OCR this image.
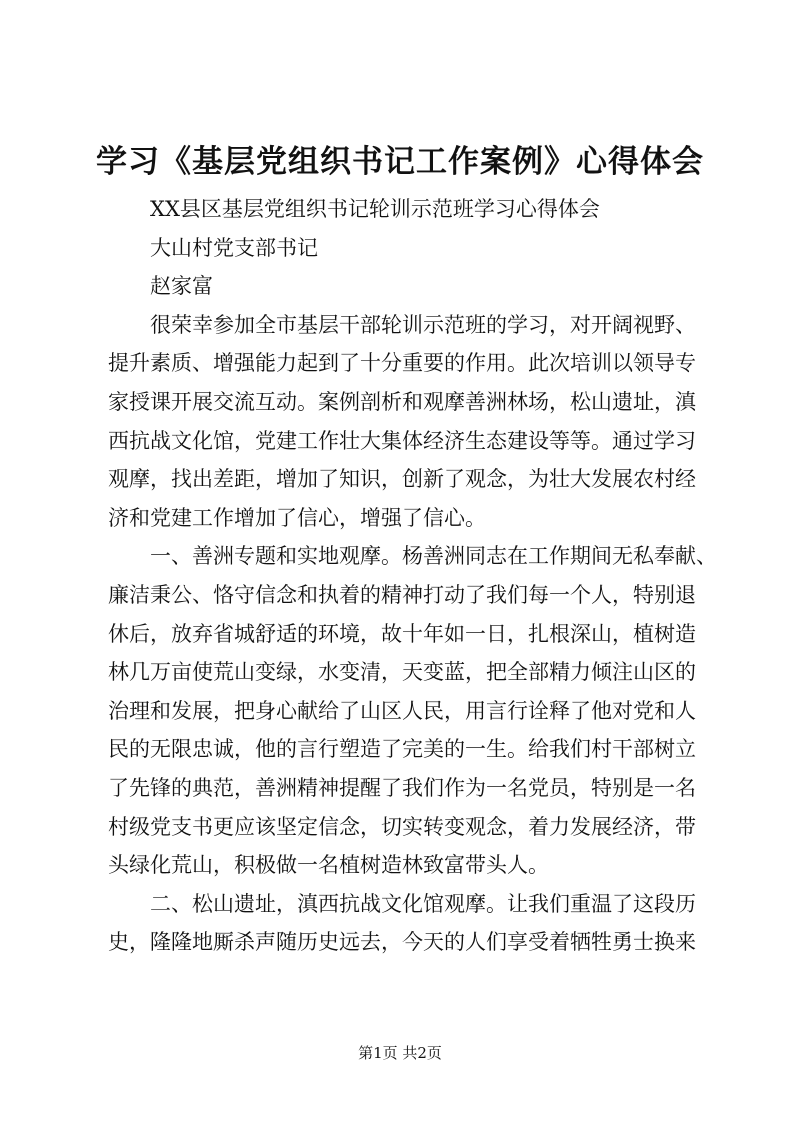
学习《基层党组织书记工作案例》心得体会

XX县区基层党组织书记轮训示范班学习心得体会

大山村党支部书记

赵家富

很荣幸参加全市基层干部轮训示范班的学习，对开阔视野、

提升素质、增强能力起到了十分重要的作用。此次培训以领导专

家授课开展交流互动。案例剖析和观摩善洲林场，松山遗址，滇

西抗战文化馆，党建工作壮大集体经济生态建设等等。通过学习

观摩，找出差距，增加了知识，创新了观念，为壮大发展农村经

济和党建工作增加了信心，增强了信心。

一、善洲专题和实地观摩。杨善洲同志在工作期间无私奉献、

廉洁秉公、恪守信念和执着的精神打动了我们每一个人，特别退

休后，放弃省城舒适的环境，故十年如一日，扎根深山，植树造

林几万亩使荒山变绿，水变清，天变蓝，把全部精力倾注山区的

治理和发展，把身心献给了山区人民，用言行诠释了他对党和人

民的无限忠诚，他的言行塑造了完美的一生。给我们村干部树立

了先锋的典范，善洲精神提醒了我们作为一名党员，特别是一名

村级党支书更应该坚定信念，切实转变观念，着力发展经济，带

头绿化荒山，积极做一名植树造林致富带头人。

二、松山遗址，滇西抗战文化馆观摩。让我们重温了这段历

史，隆隆地厮杀声随历史远去，今天的人们享受着牺牲勇士换来

第1页 共2页
